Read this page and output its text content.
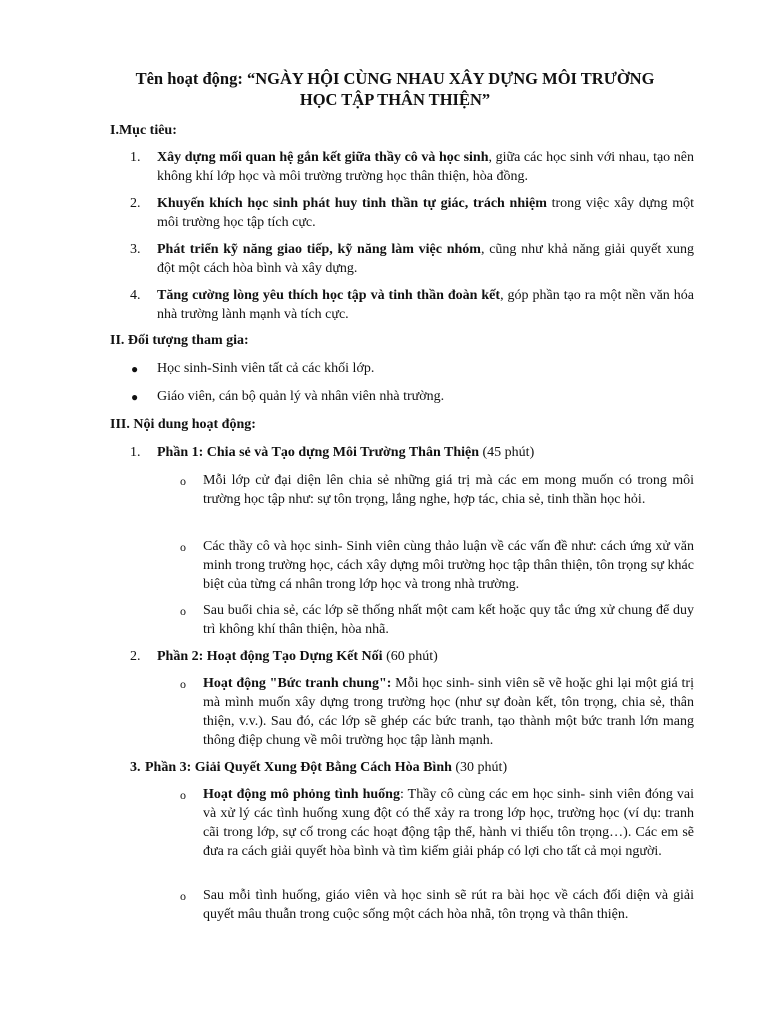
Tên hoạt động: “NGÀY HỘI CÙNG NHAU XÂY DỰNG MÔI TRƯỜNG
HỌC TẬP THÂN THIỆN”
I.Mục tiêu:
1.	Xây dựng mối quan hệ gắn kết giữa thầy cô và học sinh, giữa các học sinh với nhau, tạo nên không khí lớp học và môi trường trường học thân thiện, hòa đồng.
2.	Khuyến khích học sinh phát huy tinh thần tự giác, trách nhiệm trong việc xây dựng một môi trường học tập tích cực.
3.	Phát triển kỹ năng giao tiếp, kỹ năng làm việc nhóm, cũng như khả năng giải quyết xung đột một cách hòa bình và xây dựng.
4.	Tăng cường lòng yêu thích học tập và tinh thần đoàn kết, góp phần tạo ra một nền văn hóa nhà trường lành mạnh và tích cực.
II. Đối tượng tham gia:
● Học sinh-Sinh viên tất cả các khối lớp.
● Giáo viên, cán bộ quản lý và nhân viên nhà trường.
III. Nội dung hoạt động:
1.	Phần 1: Chia sẻ và Tạo dựng Môi Trường Thân Thiện (45 phút)
o Mỗi lớp cử đại diện lên chia sẻ những giá trị mà các em mong muốn có trong môi trường học tập như: sự tôn trọng, lắng nghe, hợp tác, chia sẻ, tinh thần học hỏi.
o Các thầy cô và học sinh- Sinh viên cùng thảo luận về các vấn đề như: cách ứng xử văn minh trong trường học, cách xây dựng môi trường học tập thân thiện, tôn trọng sự khác biệt của từng cá nhân trong lớp học và trong nhà trường.
o Sau buổi chia sẻ, các lớp sẽ thống nhất một cam kết hoặc quy tắc ứng xử chung để duy trì không khí thân thiện, hòa nhã.
2.	Phần 2: Hoạt động Tạo Dựng Kết Nối (60 phút)
o Hoạt động "Bức tranh chung": Mỗi học sinh- sinh viên sẽ vẽ hoặc ghi lại một giá trị mà mình muốn xây dựng trong trường học (như sự đoàn kết, tôn trọng, chia sẻ, thân thiện, v.v.). Sau đó, các lớp sẽ ghép các bức tranh, tạo thành một bức tranh lớn mang thông điệp chung về môi trường học tập lành mạnh.
3. Phần 3: Giải Quyết Xung Đột Bằng Cách Hòa Bình (30 phút)
o Hoạt động mô phỏng tình huống: Thầy cô cùng các em học sinh- sinh viên đóng vai và xử lý các tình huống xung đột có thể xảy ra trong lớp học, trường học (ví dụ: tranh cãi trong lớp, sự cố trong các hoạt động tập thể, hành vi thiếu tôn trọng…). Các em sẽ đưa ra cách giải quyết hòa bình và tìm kiếm giải pháp có lợi cho tất cả mọi người.
o Sau mỗi tình huống, giáo viên và học sinh sẽ rút ra bài học về cách đối diện và giải quyết mâu thuẫn trong cuộc sống một cách hòa nhã, tôn trọng và thân thiện.
